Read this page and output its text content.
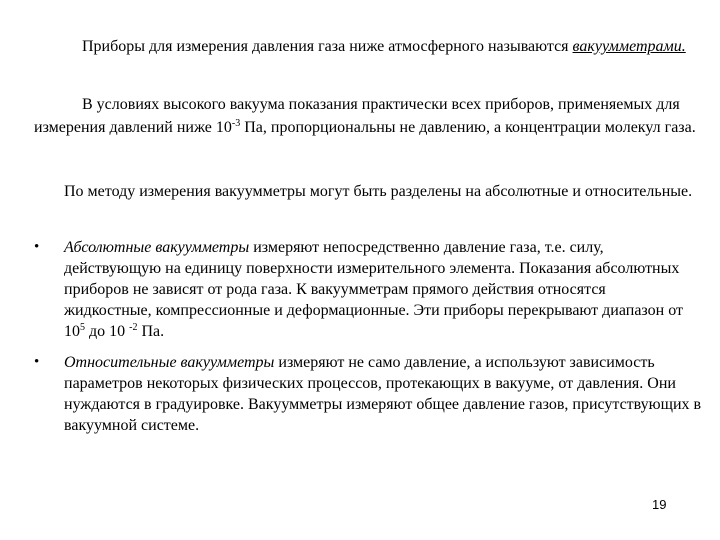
Приборы для измерения давления газа ниже атмосферного называются вакуумметрами.

В условиях высокого вакуума показания практически всех приборов, применяемых для измерения давлений ниже $10^{-3}$ Па, пропорциональны не давлению, а концентрации молекул газа.

По методу измерения вакуумметры могут быть разделены на абсолютные и относительные.

• Абсолютные вакуумметры измеряют непосредственно давление газа, т.е. силу, действующую на единицу поверхности измерительного элемента. Показания абсолютных приборов не зависят от рода газа. К вакуумметрам прямого действия относятся жидкостные, компрессионные и деформационные. Эти приборы перекрывают диапазон от $10^5$ до 10 $^{-2}$ Па.

• Относительные вакуумметры измеряют не само давление, а используют зависимость параметров некоторых физических процессов, протекающих в вакууме, от давления. Они нуждаются в градуировке. Вакуумметры измеряют общее давление газов, присутствующих в вакуумной системе.

19
